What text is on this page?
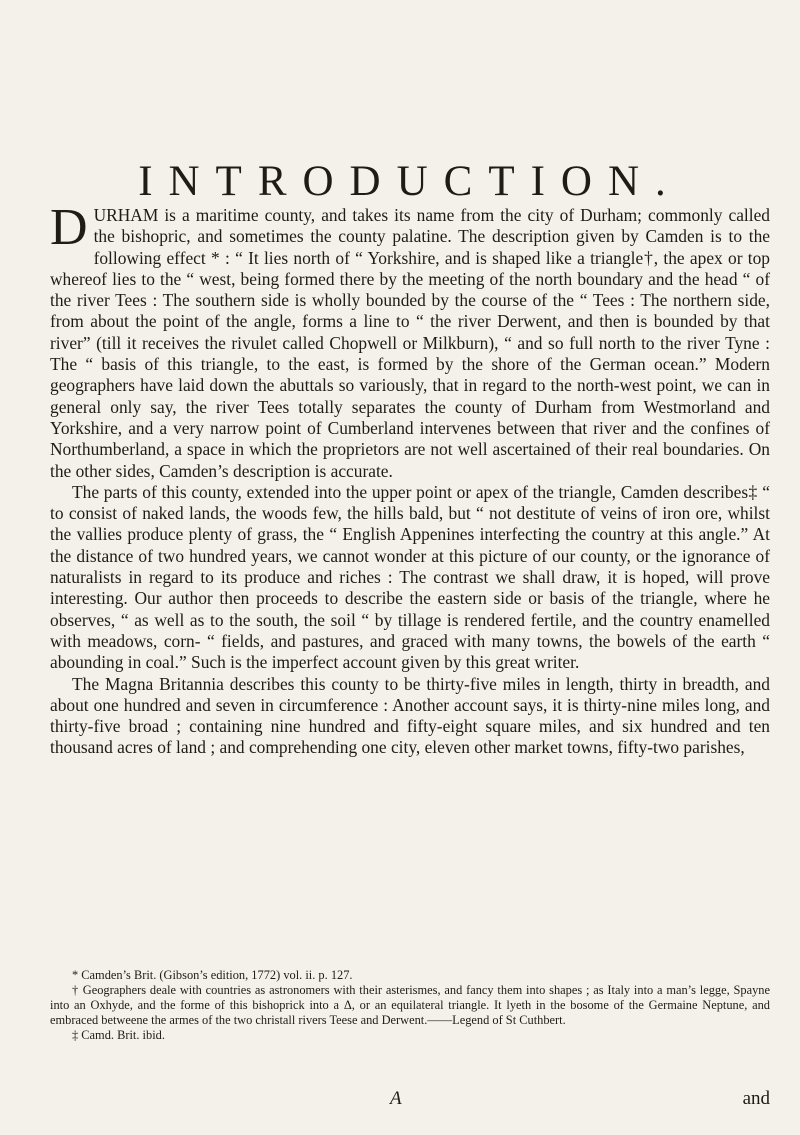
INTRODUCTION.

DURHAM is a maritime county, and takes its name from the city of Durham; commonly called the bishopric, and sometimes the county palatine. The description given by Camden is to the following effect * : “ It lies north of “ Yorkshire, and is shaped like a triangle†, the apex or top whereof lies to the “ west, being formed there by the meeting of the north boundary and the head “ of the river Tees : The southern side is wholly bounded by the course of the “ Tees : The northern side, from about the point of the angle, forms a line to “ the river Derwent, and then is bounded by that river” (till it receives the rivulet called Chopwell or Milkburn), “ and so full north to the river Tyne : The “ basis of this triangle, to the east, is formed by the shore of the German ocean.” Modern geographers have laid down the abuttals so variously, that in regard to the north-west point, we can in general only say, the river Tees totally separates the county of Durham from Westmorland and Yorkshire, and a very narrow point of Cumberland intervenes between that river and the confines of Northumberland, a space in which the proprietors are not well ascertained of their real boundaries. On the other sides, Camden’s description is accurate.

The parts of this county, extended into the upper point or apex of the triangle, Camden describes‡ “ to consist of naked lands, the woods few, the hills bald, but “ not destitute of veins of iron ore, whilst the vallies produce plenty of grass, the “ English Appenines interfecting the country at this angle.” At the distance of two hundred years, we cannot wonder at this picture of our county, or the ignorance of naturalists in regard to its produce and riches : The contrast we shall draw, it is hoped, will prove interesting. Our author then proceeds to describe the eastern side or basis of the triangle, where he observes, “ as well as to the south, the soil “ by tillage is rendered fertile, and the country enamelled with meadows, corn- “ fields, and pastures, and graced with many towns, the bowels of the earth “ abounding in coal.” Such is the imperfect account given by this great writer.

The Magna Britannia describes this county to be thirty-five miles in length, thirty in breadth, and about one hundred and seven in circumference : Another account says, it is thirty-nine miles long, and thirty-five broad ; containing nine hundred and fifty-eight square miles, and six hundred and ten thousand acres of land ; and comprehending one city, eleven other market towns, fifty-two parishes,

* Camden’s Brit. (Gibson’s edition, 1772) vol. ii. p. 127.

† Geographers deale with countries as astronomers with their asterismes, and fancy them into shapes ; as Italy into a man’s legge, Spayne into an Oxhyde, and the forme of this bishoprick into a Δ, or an equilateral triangle. It lyeth in the bosome of the Germaine Neptune, and embraced betweene the armes of the two christall rivers Teese and Derwent.——Legend of St Cuthbert.

‡ Camd. Brit. ibid.

A	and
